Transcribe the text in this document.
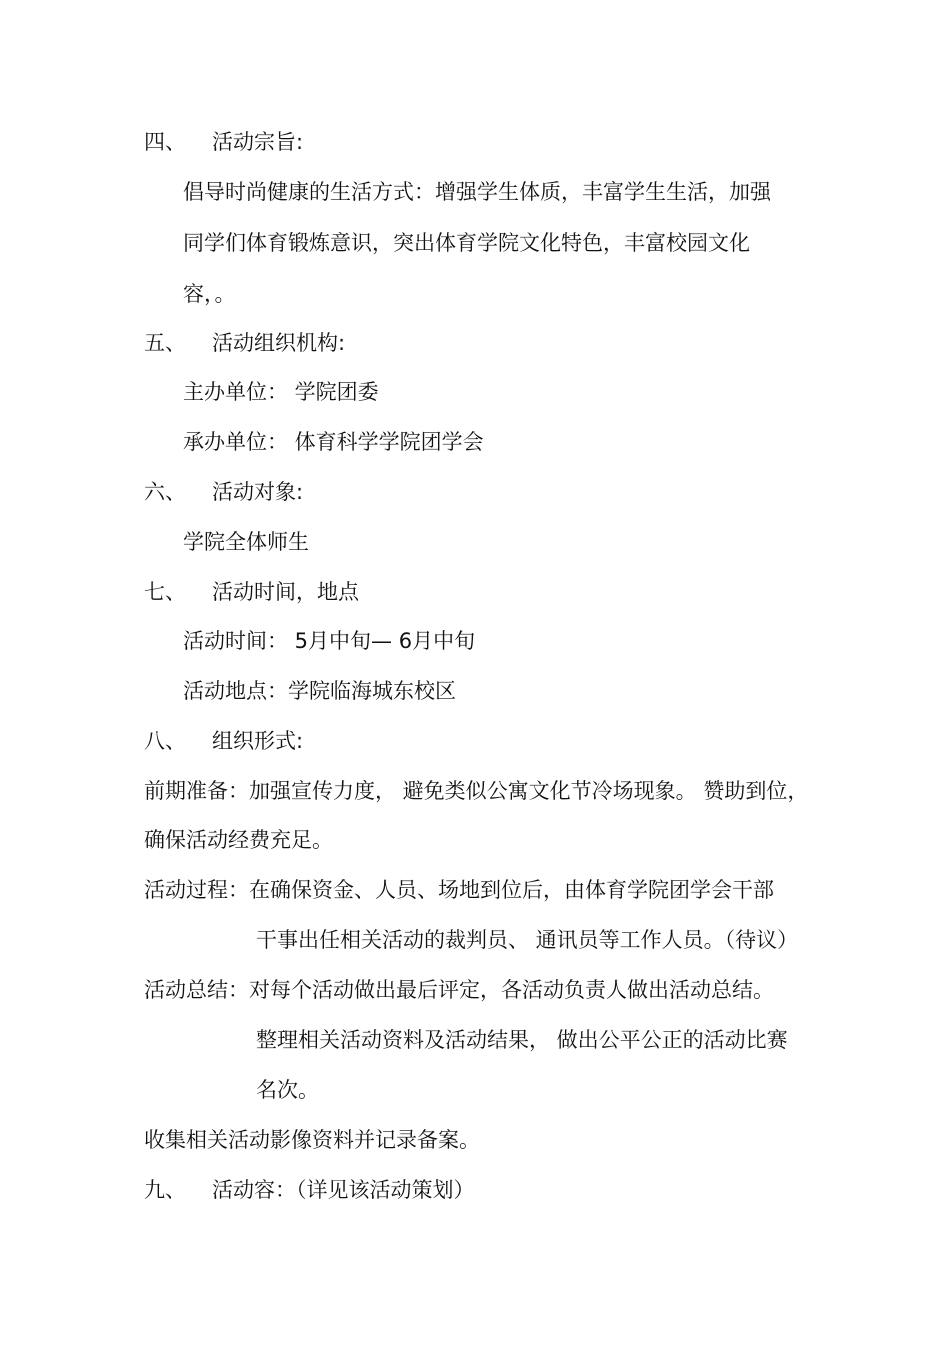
四、 活动宗旨:
倡导时尚健康的生活方式：增强学生体质，丰富学生生活，加强
同学们体育锻炼意识，突出体育学院文化特色，丰富校园文化
容，。
五、 活动组织机构:
主办单位： 学院团委
承办单位： 体育科学学院团学会
六、 活动对象:
学院全体师生
七、 活动时间，地点
活动时间： 5月中旬— 6月中旬
活动地点：学院临海城东校区
八、 组织形式:
前期准备：加强宣传力度， 避免类似公寓文化节冷场现象。 赞助到位，
确保活动经费充足。
活动过程：在确保资金、人员、场地到位后，由体育学院团学会干部
干事出任相关活动的裁判员、 通讯员等工作人员。（待议）
活动总结：对每个活动做出最后评定，各活动负责人做出活动总结。
整理相关活动资料及活动结果， 做出公平公正的活动比赛
名次。
收集相关活动影像资料并记录备案。
九、 活动容：（详见该活动策划）
